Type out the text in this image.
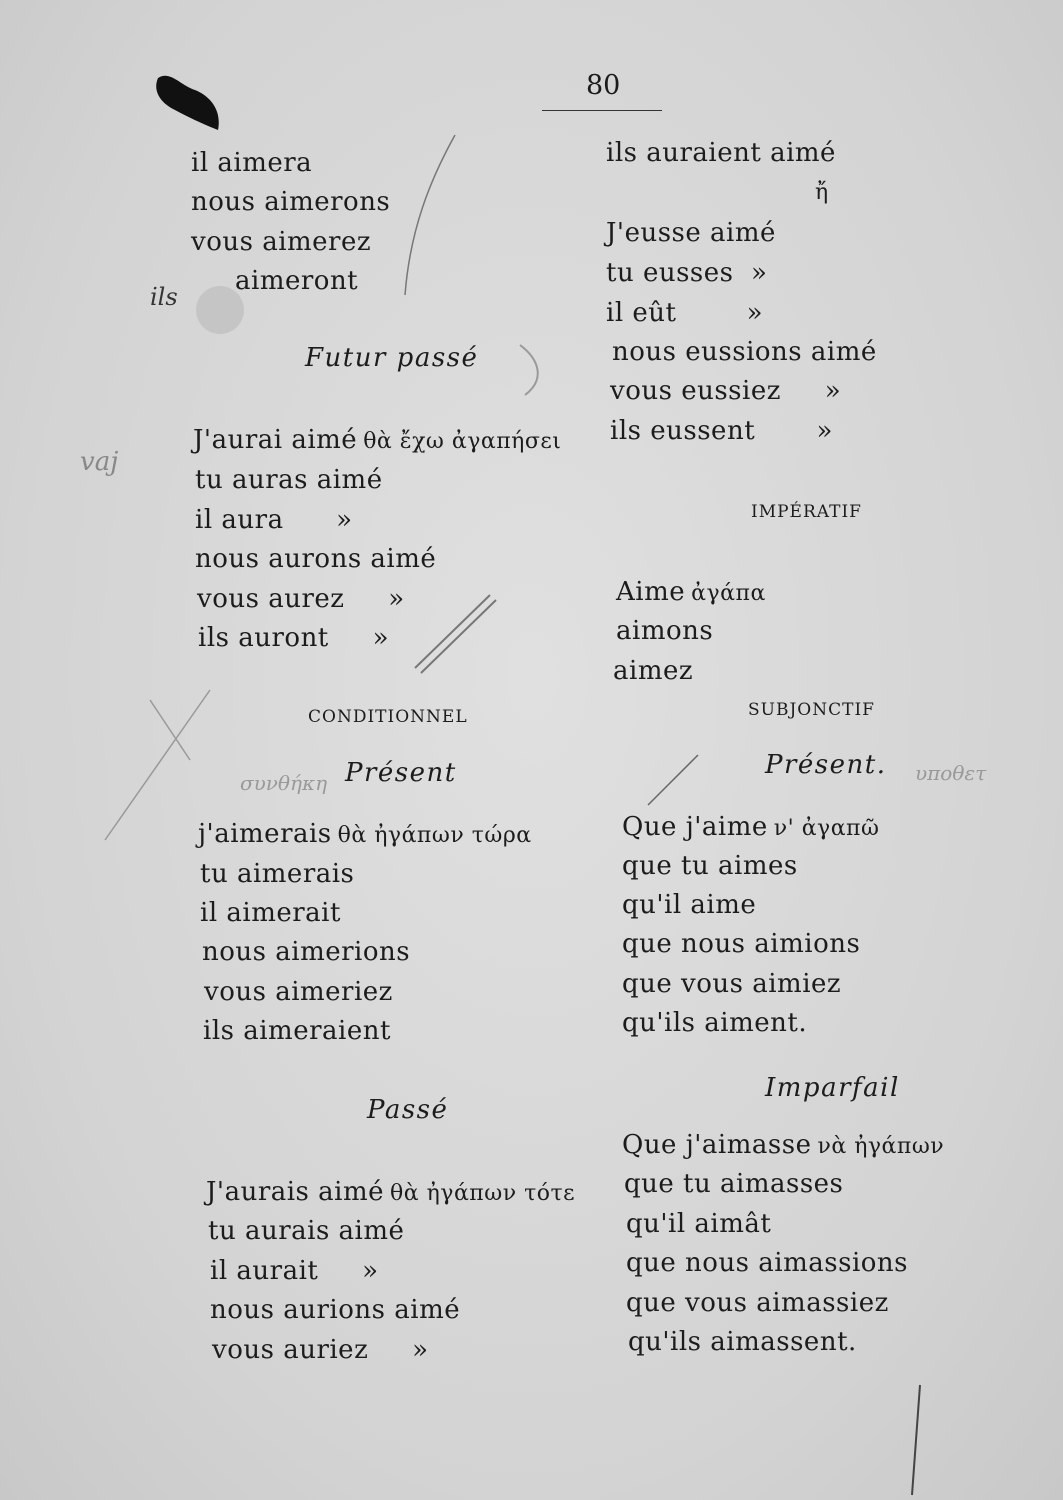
vaj
συνθήκη	υποθετ
ils
80
il aimera
nous aimerons
vous aimerez
aimeront
Futur passé
J'aurai aimé θὰ ἔχω ἀγαπήσει
tu auras aimé
il aura      »
nous aurons aimé
vous aurez     »
ils auront     »
CONDITIONNEL
Présent
j'aimerais θὰ ἠγάπων τώρα
tu aimerais
il aimerait
nous aimerions
vous aimeriez
ils aimeraient
Passé
J'aurais aimé θὰ ἠγάπων τότε
tu aurais aimé
il aurait     »
nous aurions aimé
vous auriez     »
ils auraient aimé
ἤ
J'eusse aimé
tu eusses  »
il eût        »
nous eussions aimé
vous eussiez     »
ils eussent       »
IMPÉRATIF
Aime ἀγάπα
aimons
aimez
SUBJONCTIF
Présent.
Que j'aime ν' ἀγαπῶ
que tu aimes
qu'il aime
que nous aimions
que vous aimiez
qu'ils aiment.
Imparfail
Que j'aimasse νὰ ἠγάπων
que tu aimasses
qu'il aimât
que nous aimassions
que vous aimassiez
qu'ils aimassent.
